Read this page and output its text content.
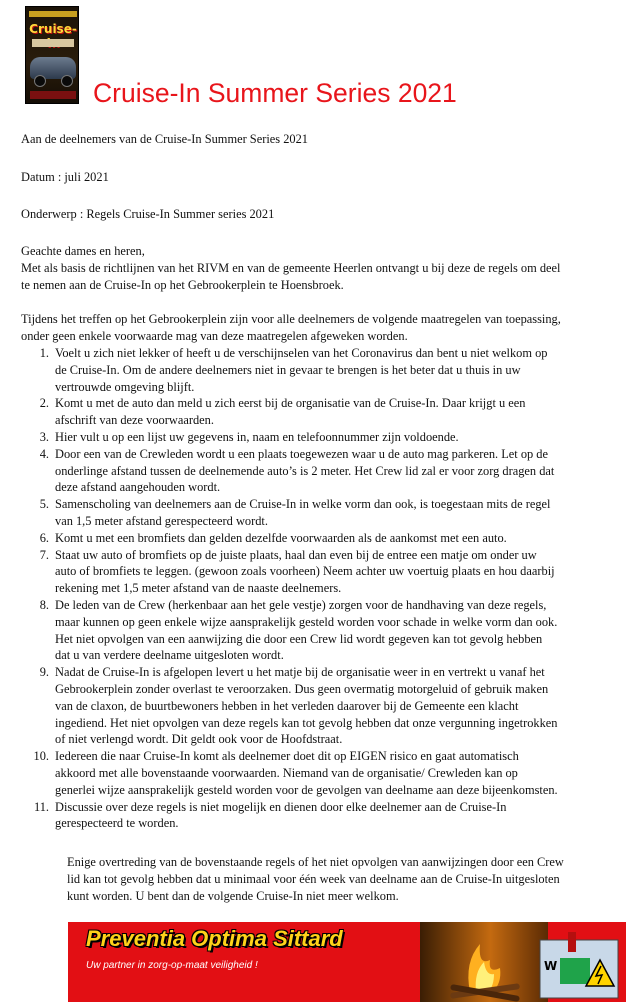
Cruise-
Cruise-In Summer Series 2021
Aan de deelnemers van de Cruise-In Summer Series 2021
Datum : juli 2021
Onderwerp : Regels Cruise-In Summer series 2021
Geachte dames en heren,
Met als basis de richtlijnen van het RIVM en van de gemeente Heerlen ontvangt u bij deze de regels om deel
te nemen aan de Cruise-In op het Gebrookerplein te Hoensbroek.
Tijdens het treffen op het Gebrookerplein zijn voor alle deelnemers de volgende maatregelen van toepassing,
onder geen enkele voorwaarde mag van deze maatregelen afgeweken worden.
1. Voelt u zich niet lekker of heeft u de verschijnselen van het Coronavirus dan bent u niet welkom op
de Cruise-In. Om de andere deelnemers niet in gevaar te brengen is het beter dat u thuis in uw
vertrouwde omgeving blijft.
2. Komt u met de auto dan meld u zich eerst bij de organisatie van de Cruise-In. Daar krijgt u een
afschrift van deze voorwaarden.
3. Hier vult u op een lijst uw gegevens in, naam en telefoonnummer zijn voldoende.
4. Door een van de Crewleden wordt u een plaats toegewezen waar u de auto mag parkeren. Let op de
onderlinge afstand tussen de deelnemende auto’s is 2 meter. Het Crew lid zal er voor zorg dragen dat
deze afstand aangehouden wordt.
5. Samenscholing van deelnemers aan de Cruise-In in welke vorm dan ook, is toegestaan mits de regel
van 1,5 meter afstand gerespecteerd wordt.
6. Komt u met een bromfiets dan gelden dezelfde voorwaarden als de aankomst met een auto.
7. Staat uw auto of bromfiets op de juiste plaats, haal dan even bij de entree een matje om onder uw
auto of bromfiets te leggen. (gewoon zoals voorheen) Neem achter uw voertuig plaats en hou daarbij
rekening met 1,5 meter afstand van de naaste deelnemers.
8. De leden van de Crew (herkenbaar aan het gele vestje) zorgen voor de handhaving van deze regels,
maar kunnen op geen enkele wijze aansprakelijk gesteld worden voor schade in welke vorm dan ook.
Het niet opvolgen van een aanwijzing die door een Crew lid wordt gegeven kan tot gevolg hebben
dat u van verdere deelname uitgesloten wordt.
9. Nadat de Cruise-In is afgelopen levert u het matje bij de organisatie weer in en vertrekt u vanaf het
Gebrookerplein zonder overlast te veroorzaken. Dus geen overmatig motorgeluid of gebruik maken
van de claxon, de buurtbewoners hebben in het verleden daarover bij de Gemeente een klacht
ingediend. Het niet opvolgen van deze regels kan tot gevolg hebben dat onze vergunning ingetrokken
of niet verlengd wordt. Dit geldt ook voor de Hoofdstraat.
10. Iedereen die naar Cruise-In komt als deelnemer doet dit op EIGEN risico en gaat automatisch
akkoord met alle bovenstaande voorwaarden. Niemand van de organisatie/ Crewleden kan op
generlei wijze aansprakelijk gesteld worden voor de gevolgen van deelname aan deze bijeenkomsten.
11. Discussie over deze regels is niet mogelijk en dienen door elke deelnemer aan de Cruise-In
gerespecteerd te worden.
Enige overtreding van de bovenstaande regels of het niet opvolgen van aanwijzingen door een Crew
lid kan tot gevolg hebben dat u minimaal voor één week van deelname aan de Cruise-In uitgesloten
kunt worden. U bent dan de volgende Cruise-In niet meer welkom.
Preventia Optima Sittard
Uw partner in zorg-op-maat veiligheid !	W
